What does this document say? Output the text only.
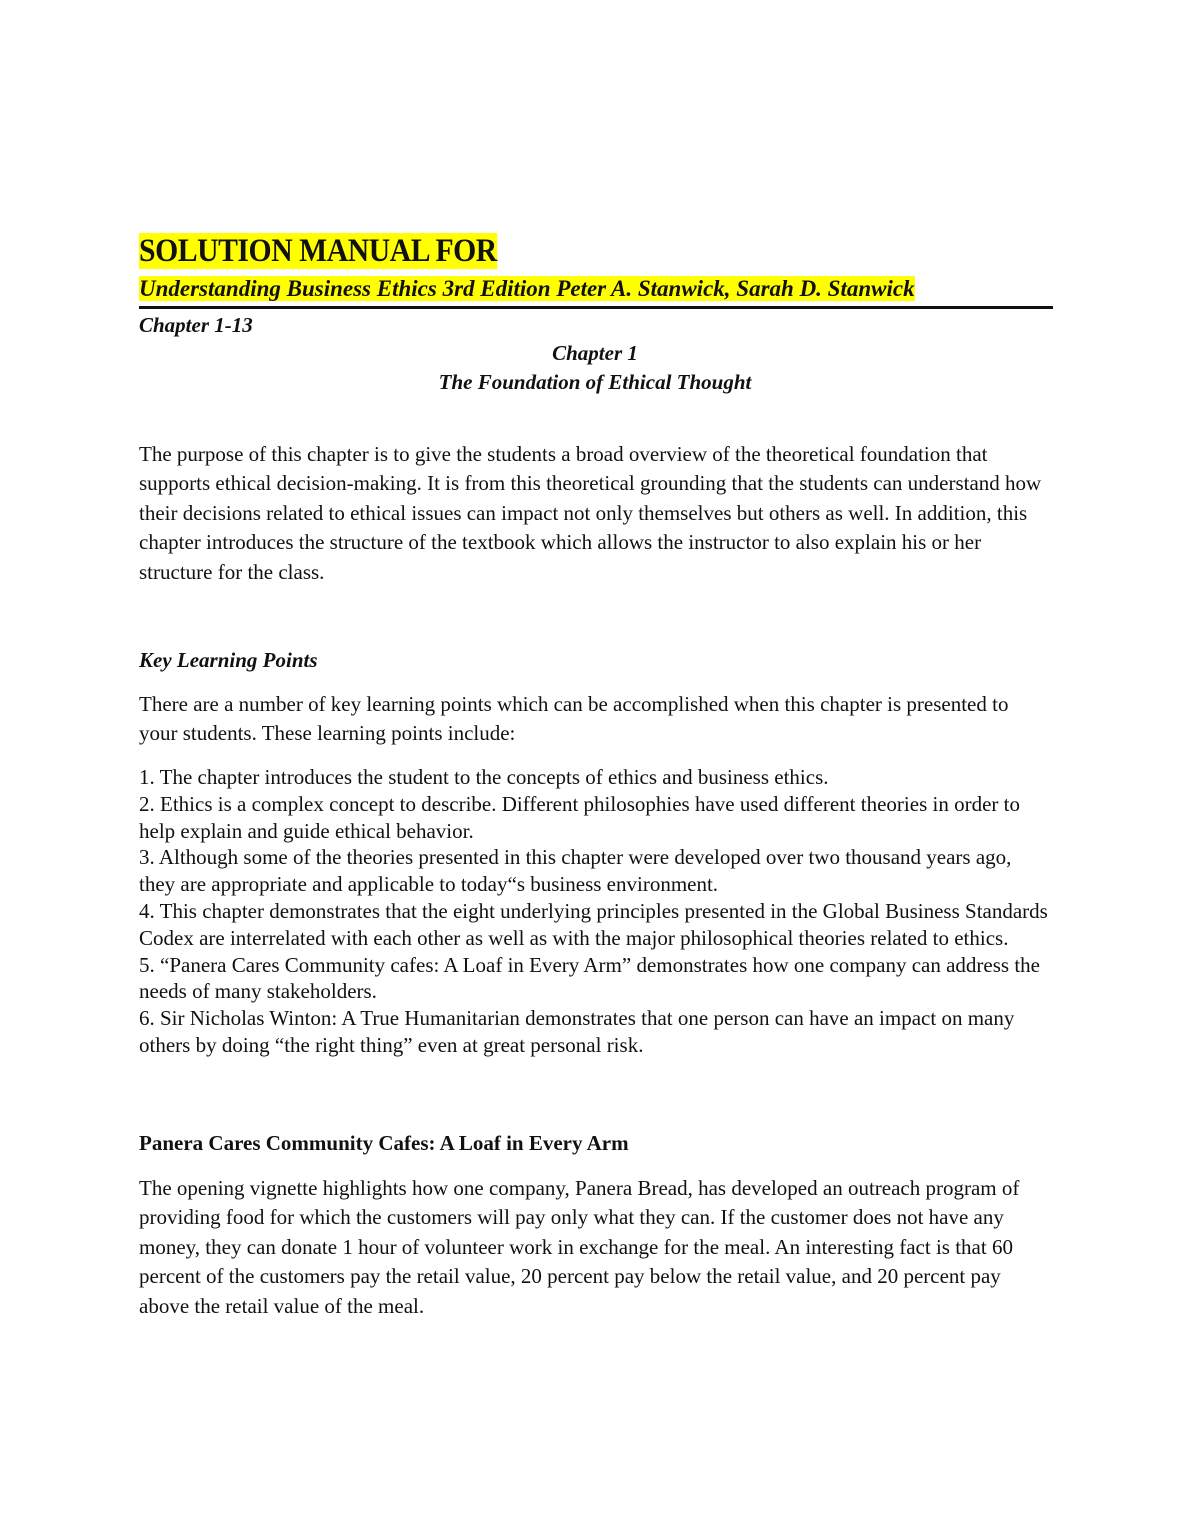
SOLUTION MANUAL FOR
Understanding Business Ethics 3rd Edition Peter A. Stanwick, Sarah D. Stanwick
Chapter 1-13
Chapter 1
The Foundation of Ethical Thought

The purpose of this chapter is to give the students a broad overview of the theoretical foundation that supports ethical decision-making. It is from this theoretical grounding that the students can understand how their decisions related to ethical issues can impact not only themselves but others as well. In addition, this chapter introduces the structure of the textbook which allows the instructor to also explain his or her structure for the class.

Key Learning Points

There are a number of key learning points which can be accomplished when this chapter is presented to your students. These learning points include:

1. The chapter introduces the student to the concepts of ethics and business ethics.
2. Ethics is a complex concept to describe. Different philosophies have used different theories in order to help explain and guide ethical behavior.
3. Although some of the theories presented in this chapter were developed over two thousand years ago, they are appropriate and applicable to today“s business environment.
4. This chapter demonstrates that the eight underlying principles presented in the Global Business Standards Codex are interrelated with each other as well as with the major philosophical theories related to ethics.
5. “Panera Cares Community cafes: A Loaf in Every Arm” demonstrates how one company can address the needs of many stakeholders.
6. Sir Nicholas Winton: A True Humanitarian demonstrates that one person can have an impact on many others by doing “the right thing” even at great personal risk.
Panera Cares Community Cafes: A Loaf in Every Arm

The opening vignette highlights how one company, Panera Bread, has developed an outreach program of providing food for which the customers will pay only what they can. If the customer does not have any money, they can donate 1 hour of volunteer work in exchange for the meal. An interesting fact is that 60 percent of the customers pay the retail value, 20 percent pay below the retail value, and 20 percent pay above the retail value of the meal.
